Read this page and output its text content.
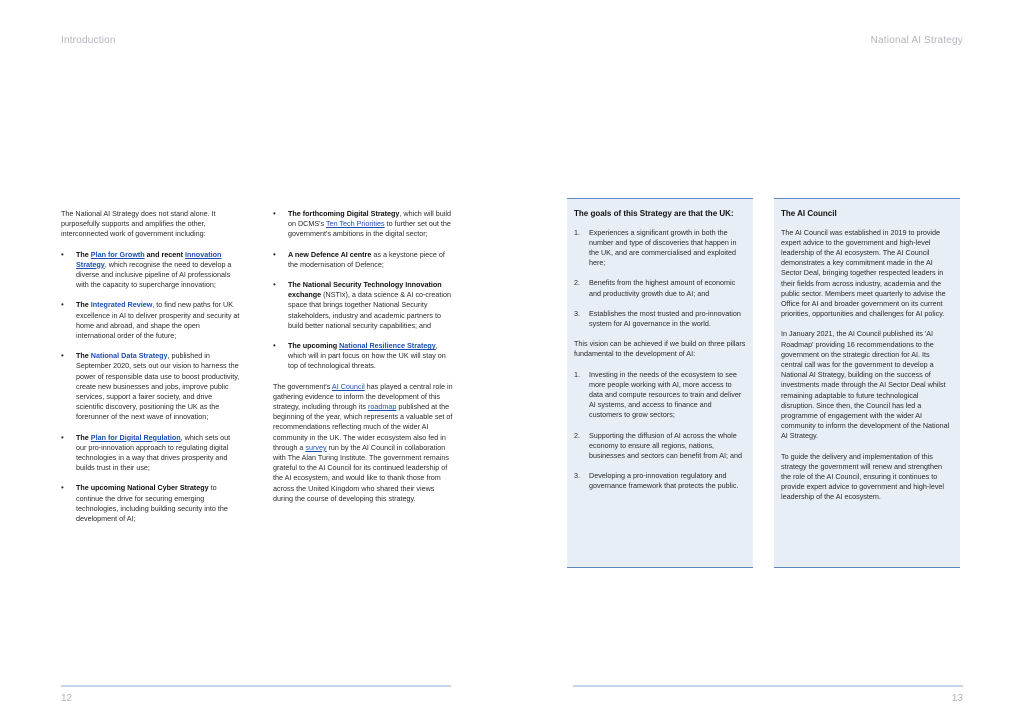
Introduction	National AI Strategy

The National AI Strategy does not stand alone. It purposefully supports and amplifies the other, interconnected work of government including:

• The Plan for Growth and recent Innovation Strategy, which recognise the need to develop a diverse and inclusive pipeline of AI professionals with the capacity to supercharge innovation;
• The Integrated Review, to find new paths for UK excellence in AI to deliver prosperity and security at home and abroad, and shape the open international order of the future;
• The National Data Strategy, published in September 2020, sets out our vision to harness the power of responsible data use to boost productivity, create new businesses and jobs, improve public services, support a fairer society, and drive scientific discovery, positioning the UK as the forerunner of the next wave of innovation;
• The Plan for Digital Regulation, which sets out our pro-innovation approach to regulating digital technologies in a way that drives prosperity and builds trust in their use;
• The upcoming National Cyber Strategy to continue the drive for securing emerging technologies, including building security into the development of AI;
• The forthcoming Digital Strategy, which will build on DCMS's Ten Tech Priorities to further set out the government's ambitions in the digital sector;
• A new Defence AI centre as a keystone piece of the modernisation of Defence;
• The National Security Technology Innovation exchange (NSTIx), a data science & AI co-creation space that brings together National Security stakeholders, industry and academic partners to build better national security capabilities; and
• The upcoming National Resilience Strategy, which will in part focus on how the UK will stay on top of technological threats.

The government's AI Council has played a central role in gathering evidence to inform the development of this strategy, including through its roadmap published at the beginning of the year, which represents a valuable set of recommendations reflecting much of the wider AI community in the UK. The wider ecosystem also fed in through a survey run by the AI Council in collaboration with The Alan Turing Institute. The government remains grateful to the AI Council for its continued leadership of the AI ecosystem, and would like to thank those from across the United Kingdom who shared their views during the course of developing this strategy.

The goals of this Strategy are that the UK:
1. Experiences a significant growth in both the number and type of discoveries that happen in the UK, and are commercialised and exploited here;
2. Benefits from the highest amount of economic and productivity growth due to AI; and
3. Establishes the most trusted and pro-innovation system for AI governance in the world.

This vision can be achieved if we build on three pillars fundamental to the development of AI:

1. Investing in the needs of the ecosystem to see more people working with AI, more access to data and compute resources to train and deliver AI systems, and access to finance and customers to grow sectors;
2. Supporting the diffusion of AI across the whole economy to ensure all regions, nations, businesses and sectors can benefit from AI; and
3. Developing a pro-innovation regulatory and governance framework that protects the public.
The AI Council

The AI Council was established in 2019 to provide expert advice to the government and high-level leadership of the AI ecosystem. The AI Council demonstrates a key commitment made in the AI Sector Deal, bringing together respected leaders in their fields from across industry, academia and the public sector. Members meet quarterly to advise the Office for AI and broader government on its current priorities, opportunities and challenges for AI policy.

In January 2021, the AI Council published its 'AI Roadmap' providing 16 recommendations to the government on the strategic direction for AI. Its central call was for the government to develop a National AI Strategy, building on the success of investments made through the AI Sector Deal whilst remaining adaptable to future technological disruption. Since then, the Council has led a programme of engagement with the wider AI community to inform the development of the National AI Strategy.

To guide the delivery and implementation of this strategy the government will renew and strengthen the role of the AI Council, ensuring it continues to provide expert advice to government and high-level leadership of the AI ecosystem.

12	13
